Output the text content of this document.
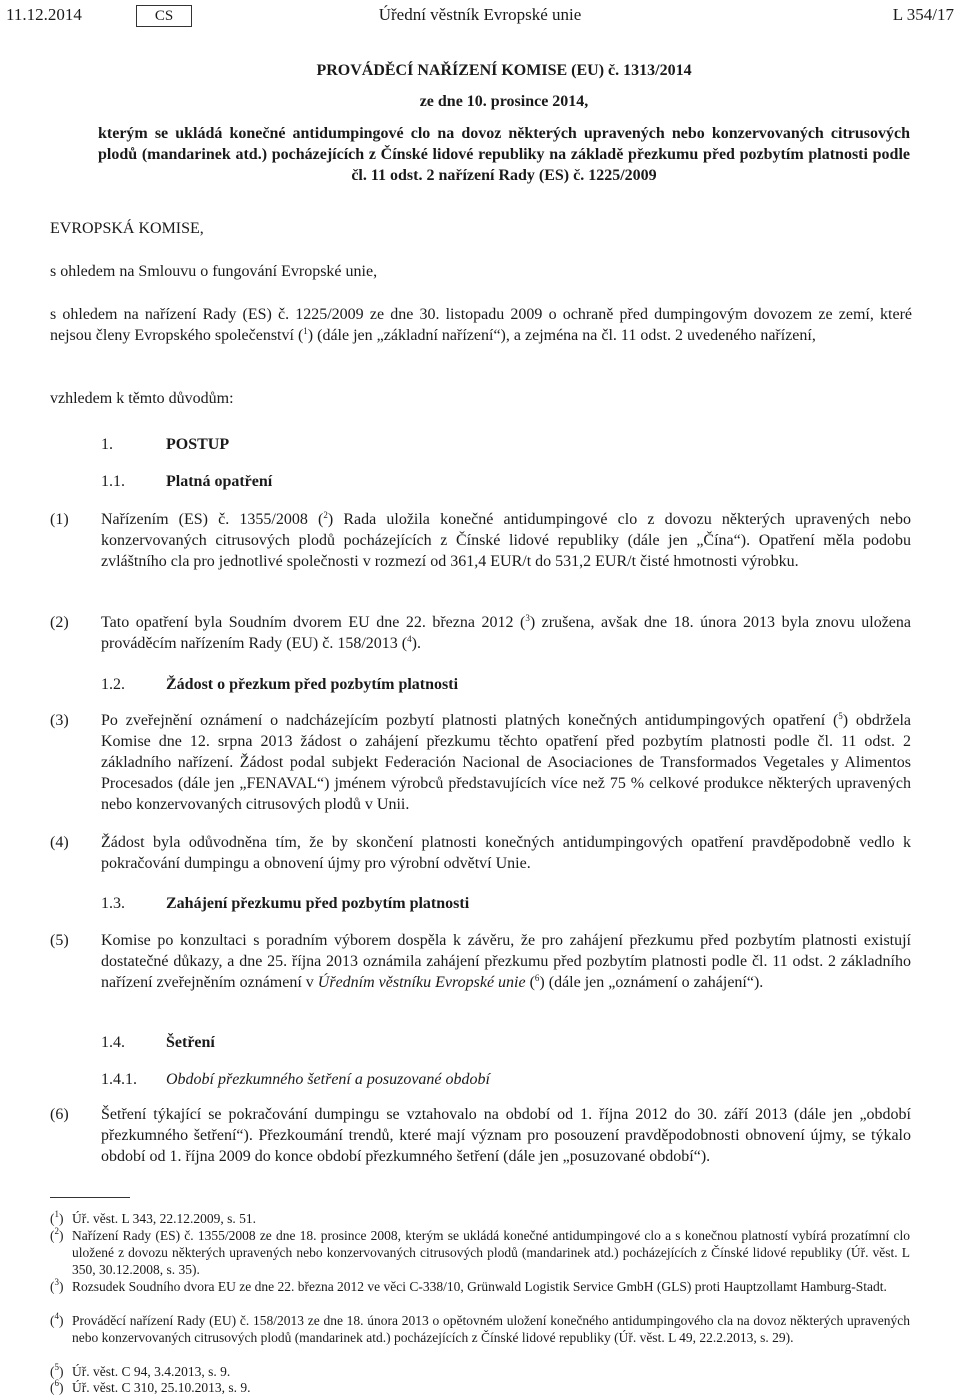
11.12.2014	CS	Úřední věstník Evropské unie	L 354/17
PROVÁDĚCÍ NAŘÍZENÍ KOMISE (EU) č. 1313/2014
ze dne 10. prosince 2014,
kterým se ukládá konečné antidumpingové clo na dovoz některých upravených nebo konzervovaných citrusových plodů (mandarinek atd.) pocházejících z Čínské lidové republiky na základě přezkumu před pozbytím platnosti podle čl. 11 odst. 2 nařízení Rady (ES) č. 1225/2009
EVROPSKÁ KOMISE,
s ohledem na Smlouvu o fungování Evropské unie,
s ohledem na nařízení Rady (ES) č. 1225/2009 ze dne 30. listopadu 2009 o ochraně před dumpingovým dovozem ze zemí, které nejsou členy Evropského společenství ($^1$) (dále jen „základní nařízení“), a zejména na čl. 11 odst. 2 uvedeného nařízení,
vzhledem k těmto důvodům:
1.	POSTUP
1.1.	Platná opatření
(1) Nařízením (ES) č. 1355/2008 ($^2$) Rada uložila konečné antidumpingové clo z dovozu některých upravených nebo konzervovaných citrusových plodů pocházejících z Čínské lidové republiky (dále jen „Čína“). Opatření měla podobu zvláštního cla pro jednotlivé společnosti v rozmezí od 361,4 EUR/t do 531,2 EUR/t čisté hmotnosti výrobku.
(2) Tato opatření byla Soudním dvorem EU dne 22. března 2012 ($^3$) zrušena, avšak dne 18. února 2013 byla znovu uložena prováděcím nařízením Rady (EU) č. 158/2013 ($^4$).
1.2.	Žádost o přezkum před pozbytím platnosti
(3) Po zveřejnění oznámení o nadcházejícím pozbytí platnosti platných konečných antidumpingových opatření ($^5$) obdržela Komise dne 12. srpna 2013 žádost o zahájení přezkumu těchto opatření před pozbytím platnosti podle čl. 11 odst. 2 základního nařízení. Žádost podal subjekt Federación Nacional de Asociaciones de Transformados Vegetales y Alimentos Procesados (dále jen „FENAVAL“) jménem výrobců představujících více než 75 % celkové produkce některých upravených nebo konzervovaných citrusových plodů v Unii.
(4) Žádost byla odůvodněna tím, že by skončení platnosti konečných antidumpingových opatření pravděpodobně vedlo k pokračování dumpingu a obnovení újmy pro výrobní odvětví Unie.
1.3.	Zahájení přezkumu před pozbytím platnosti
(5) Komise po konzultaci s poradním výborem dospěla k závěru, že pro zahájení přezkumu před pozbytím platnosti existují dostatečné důkazy, a dne 25. října 2013 oznámila zahájení přezkumu před pozbytím platnosti podle čl. 11 odst. 2 základního nařízení zveřejněním oznámení v Úředním věstníku Evropské unie ($^6$) (dále jen „oznámení o zahájení“).
1.4.	Šetření
1.4.1. Období přezkumného šetření a posuzované období
(6) Šetření týkající se pokračování dumpingu se vztahovalo na období od 1. října 2012 do 30. září 2013 (dále jen „období přezkumného šetření“). Přezkoumání trendů, které mají význam pro posouzení pravděpodobnosti obnovení újmy, se týkalo období od 1. října 2009 do konce období přezkumného šetření (dále jen „posuzované období“).
($^1$) Úř. věst. L 343, 22.12.2009, s. 51.
($^2$) Nařízení Rady (ES) č. 1355/2008 ze dne 18. prosince 2008, kterým se ukládá konečné antidumpingové clo a s konečnou platností vybírá prozatímní clo uložené z dovozu některých upravených nebo konzervovaných citrusových plodů (mandarinek atd.) pocházejících z Čínské lidové republiky (Úř. věst. L 350, 30.12.2008, s. 35).
($^3$) Rozsudek Soudního dvora EU ze dne 22. března 2012 ve věci C-338/10, Grünwald Logistik Service GmbH (GLS) proti Hauptzollamt Hamburg-Stadt.
($^4$) Prováděcí nařízení Rady (EU) č. 158/2013 ze dne 18. února 2013 o opětovném uložení konečného antidumpingového cla na dovoz některých upravených nebo konzervovaných citrusových plodů (mandarinek atd.) pocházejících z Čínské lidové republiky (Úř. věst. L 49, 22.2.2013, s. 29).
($^5$) Úř. věst. C 94, 3.4.2013, s. 9.
($^6$) Úř. věst. C 310, 25.10.2013, s. 9.
